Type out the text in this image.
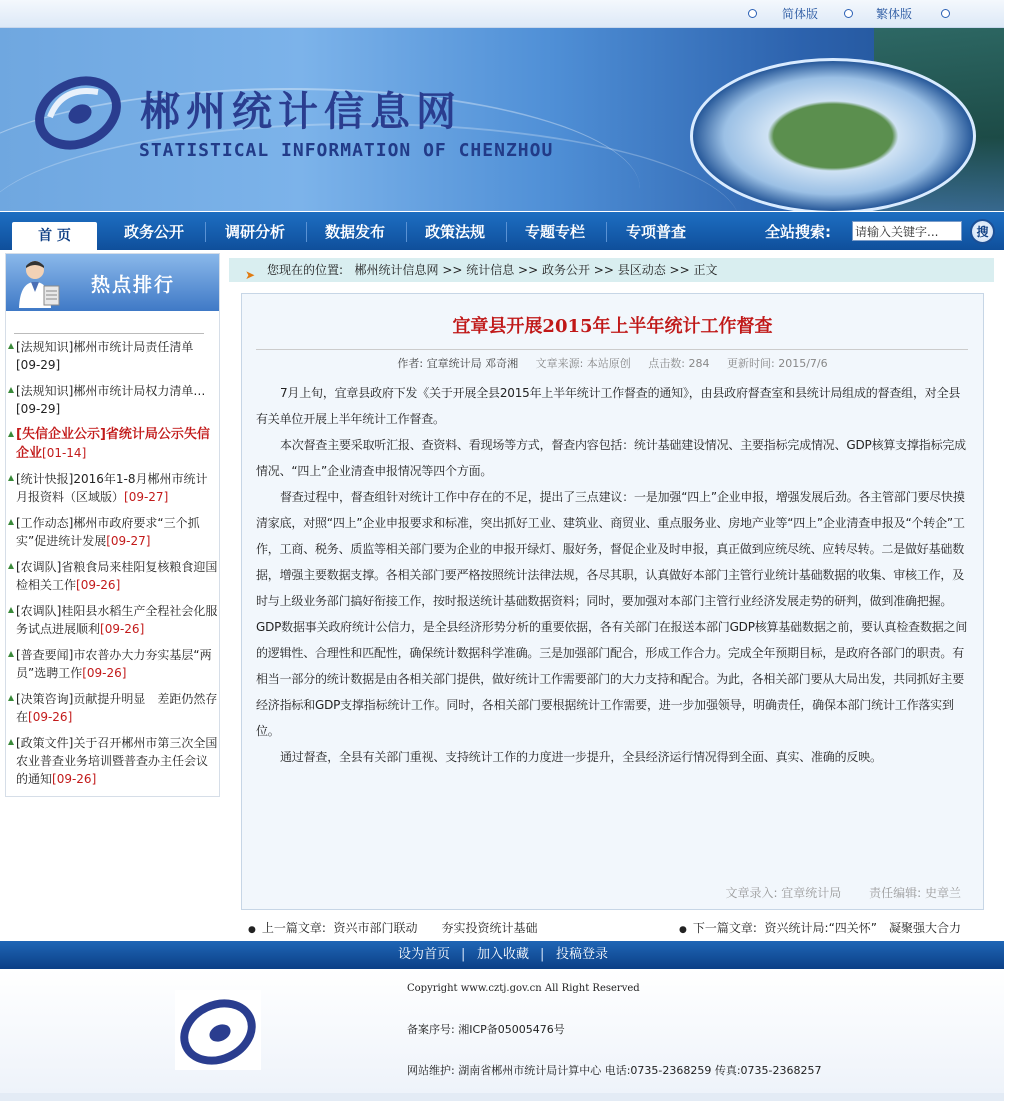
简体版	繁体版
郴州统计信息网
STATISTICAL INFORMATION OF CHENZHOU
首 页	政务公开	调研分析	数据发布	政策法规	专题专栏	专项普查	全站搜索:
请输入关键字...	搜
热点排行
[法规知识]郴州市统计局责任清单
[09-29]
[法规知识]郴州市统计局权力清单…
[09-29]
[失信企业公示]省统计局公示失信企业[01-14]
[统计快报]2016年1-8月郴州市统计月报资料（区域版）[09-27]
[工作动态]郴州市政府要求“三个抓实”促进统计发展[09-27]
[农调队]省粮食局来桂阳复核粮食迎国检相关工作[09-26]
[农调队]桂阳县水稻生产全程社会化服务试点进展顺利[09-26]
[普查要闻]市农普办大力夯实基层“两员”选聘工作[09-26]
[决策咨询]贡献提升明显　差距仍然存在[09-26]
[政策文件]关于召开郴州市第三次全国农业普查业务培训暨普查办主任会议的通知[09-26]
➤ 您现在的位置: 郴州统计信息网 >> 统计信息 >> 政务公开 >> 县区动态 >> 正文
宜章县开展2015年上半年统计工作督查
作者: 宜章统计局 邓奇湘 文章来源: 本站原创 点击数: 284 更新时间: 2015/7/6

7月上旬，宜章县政府下发《关于开展全县2015年上半年统计工作督查的通知》，由县政府督查室和县统计局组成的督查组，对全县有关单位开展上半年统计工作督查。

本次督查主要采取听汇报、查资料、看现场等方式，督查内容包括：统计基础建设情况、主要指标完成情况、GDP核算支撑指标完成情况、“四上”企业清查申报情况等四个方面。

督查过程中，督查组针对统计工作中存在的不足，提出了三点建议：一是加强“四上”企业申报，增强发展后劲。各主管部门要尽快摸清家底，对照“四上”企业申报要求和标准，突出抓好工业、建筑业、商贸业、重点服务业、房地产业等“四上”企业清查申报及“个转企”工作，工商、税务、质监等相关部门要为企业的申报开绿灯、服好务，督促企业及时申报，真正做到应统尽统、应转尽转。二是做好基础数据，增强主要数据支撑。各相关部门要严格按照统计法律法规，各尽其职，认真做好本部门主管行业统计基础数据的收集、审核工作，及时与上级业务部门搞好衔接工作，按时报送统计基础数据资料；同时，要加强对本部门主管行业经济发展走势的研判，做到准确把握。GDP数据事关政府统计公信力，是全县经济形势分析的重要依据，各有关部门在报送本部门GDP核算基础数据之前，要认真检查数据之间的逻辑性、合理性和匹配性，确保统计数据科学准确。三是加强部门配合，形成工作合力。完成全年预期目标，是政府各部门的职责。有相当一部分的统计数据是由各相关部门提供，做好统计工作需要部门的大力支持和配合。为此，各相关部门要从大局出发，共同抓好主要经济指标和GDP支撑指标统计工作。同时，各相关部门要根据统计工作需要，进一步加强领导，明确责任，确保本部门统计工作落实到位。

通过督查，全县有关部门重视、支持统计工作的力度进一步提升，全县经济运行情况得到全面、真实、准确的反映。

文章录入: 宜章统计局 责任编辑: 史章兰
● 上一篇文章: 资兴市部门联动　　夯实投资统计基础	● 下一篇文章: 资兴统计局:“四关怀”　凝聚强大合力
设为首页 | 加入收藏 | 投稿登录
Copyright www.cztj.gov.cn All Right Reserved
备案序号: 湘ICP备05005476号
网站维护: 湖南省郴州市统计局计算中心 电话:0735-2368259 传真:0735-2368257
